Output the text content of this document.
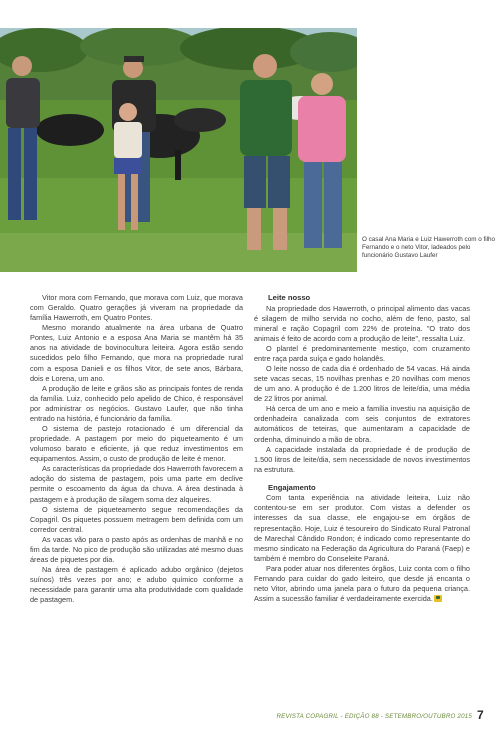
O casal Ana Maria e Luiz Hawerroth com o filho Fernando e o neto Vitor, ladeados pelo funcionário Gustavo Laufer

Vitor mora com Fernando, que morava com Luiz, que morava com Geraldo. Quatro gerações já viveram na propriedade da família Hawerroth, em Quatro Pontes.

Mesmo morando atualmente na área urbana de Quatro Pontes, Luiz Antonio e a esposa Ana Maria se mantêm há 35 anos na atividade de bovinocultura leiteira. Agora estão sendo sucedidos pelo filho Fernando, que mora na propriedade rural com a esposa Danieli e os filhos Vitor, de sete anos, Bárbara, dois e Lorena, um ano.

A produção de leite e grãos são as principais fontes de renda da família. Luiz, conhecido pelo apelido de Chico, é responsável por administrar os negócios. Gustavo Laufer, que não tinha entrado na história, é funcionário da família.

O sistema de pastejo rotacionado é um diferencial da propriedade. A pastagem por meio do piqueteamento é um volumoso barato e eficiente, já que reduz investimentos em equipamentos. Assim, o custo de produção de leite é menor.

As características da propriedade dos Hawerroth favorecem a adoção do sistema de pastagem, pois uma parte em declive permite o escoamento da água da chuva. A área destinada à pastagem e à produção de silagem soma dez alqueires.

O sistema de piqueteamento segue recomendações da Copagril. Os piquetes possuem metragem bem definida com um corredor central.

As vacas vão para o pasto após as ordenhas de manhã e no fim da tarde. No pico de produção são utilizadas até mesmo duas áreas de piquetes por dia.

Na área de pastagem é aplicado adubo orgânico (dejetos suínos) três vezes por ano; e adubo químico conforme a necessidade para garantir uma alta produtividade com qualidade de pastagem.

Leite nosso

Na propriedade dos Hawerroth, o principal alimento das vacas é silagem de milho servida no cocho, além de feno, pasto, sal mineral e ração Copagril com 22% de proteína. "O trato dos animais é feito de acordo com a produção de leite", ressalta Luiz.

O plantel é predominantemente mestiço, com cruzamento entre raça parda suíça e gado holandês.

O leite nosso de cada dia é ordenhado de 54 vacas. Há ainda sete vacas secas, 15 novilhas prenhas e 20 novilhas com menos de um ano. A produção é de 1.200 litros de leite/dia, uma média de 22 litros por animal.

Há cerca de um ano e meio a família investiu na aquisição de ordenhadeira canalizada com seis conjuntos de extratores automáticos de teteiras, que aumentaram a capacidade de ordenha, diminuindo a mão de obra.

A capacidade instalada da propriedade é de produção de 1.500 litros de leite/dia, sem necessidade de novos investimentos na estrutura.

Engajamento

Com tanta experiência na atividade leiteira, Luiz não contentou-se em ser produtor. Com vistas a defender os interesses da sua classe, ele engajou-se em órgãos de representação. Hoje, Luiz é tesoureiro do Sindicato Rural Patronal de Marechal Cândido Rondon; é indicado como representante do mesmo sindicato na Federação da Agricultura do Paraná (Faep) e também é membro do Conseleite Paraná.

Para poder atuar nos diferentes órgãos, Luiz conta com o filho Fernando para cuidar do gado leiteiro, que desde já encanta o neto Vitor, abrindo uma janela para o futuro da pequena criança. Assim a sucessão familiar é verdadeiramente exercida.

REVISTA COPAGRIL - EDIÇÃO 88 - SETEMBRO/OUTUBRO 2015 7
